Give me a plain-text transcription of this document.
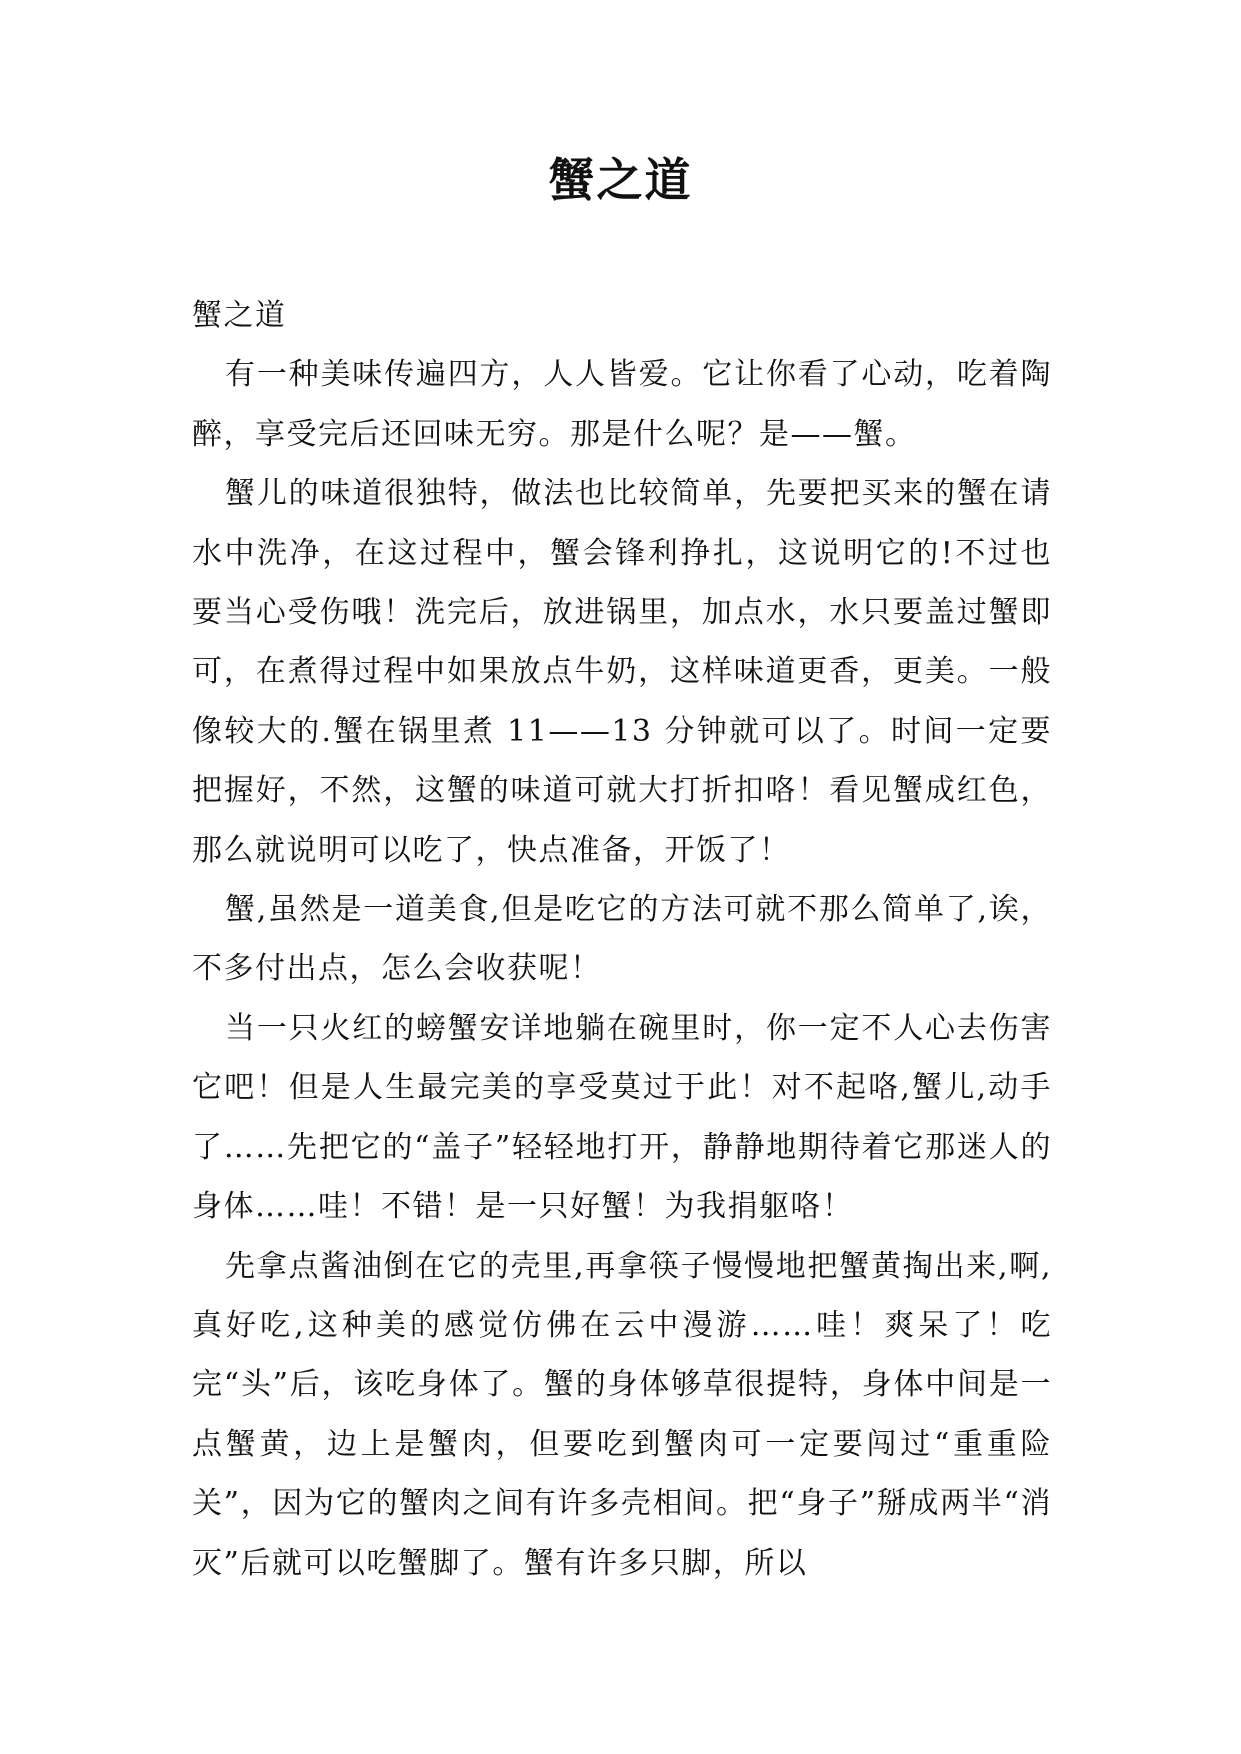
蟹之道

蟹之道

有一种美味传遍四方，人人皆爱。它让你看了心动，吃着陶醉，享受完后还回味无穷。那是什么呢？是——蟹。

蟹儿的味道很独特，做法也比较简单，先要把买来的蟹在请水中洗净，在这过程中，蟹会锋利挣扎，这说明它的!不过也要当心受伤哦！洗完后，放进锅里，加点水，水只要盖过蟹即可，在煮得过程中如果放点牛奶，这样味道更香，更美。一般像较大的.蟹在锅里煮 11——13 分钟就可以了。时间一定要把握好，不然，这蟹的味道可就大打折扣咯！看见蟹成红色，那么就说明可以吃了，快点准备，开饭了！

蟹,虽然是一道美食,但是吃它的方法可就不那么简单了,诶，不多付出点，怎么会收获呢！

当一只火红的螃蟹安详地躺在碗里时，你一定不人心去伤害它吧！但是人生最完美的享受莫过于此！对不起咯,蟹儿,动手了……先把它的“盖子”轻轻地打开，静静地期待着它那迷人的身体……哇！不错！是一只好蟹！为我捐躯咯！

先拿点酱油倒在它的壳里,再拿筷子慢慢地把蟹黄掏出来,啊,真好吃,这种美的感觉仿佛在云中漫游……哇！爽呆了！吃完“头”后，该吃身体了。蟹的身体够草很提特，身体中间是一点蟹黄，边上是蟹肉，但要吃到蟹肉可一定要闯过“重重险关”，因为它的蟹肉之间有许多壳相间。把“身子”掰成两半“消灭”后就可以吃蟹脚了。蟹有许多只脚，所以
